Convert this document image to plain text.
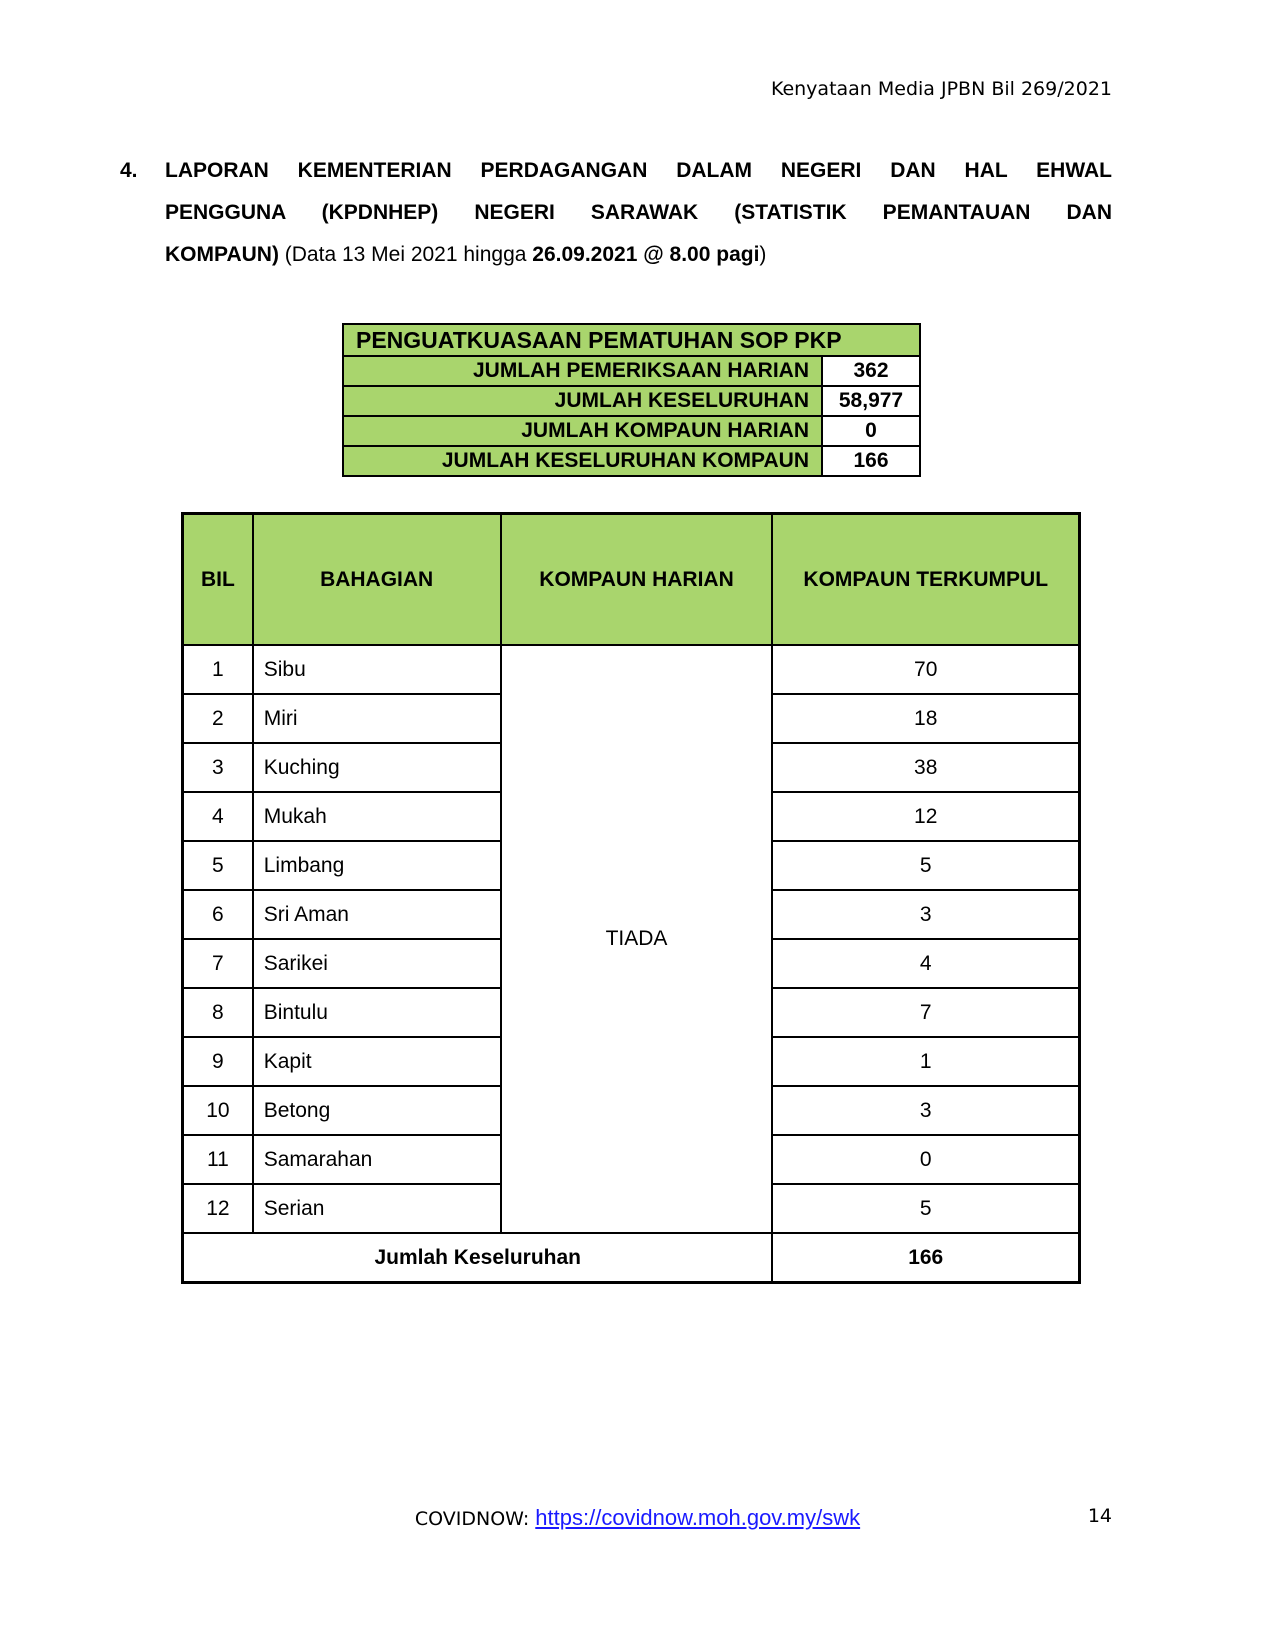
Kenyataan Media JPBN Bil 269/2021
4. LAPORAN KEMENTERIAN PERDAGANGAN DALAM NEGERI DAN HAL EHWAL
PENGGUNA (KPDNHEP) NEGERI SARAWAK (STATISTIK PEMANTAUAN DAN
KOMPAUN) (Data 13 Mei 2021 hingga 26.09.2021 @ 8.00 pagi)
PENGUATKUASAAN PEMATUHAN SOP PKP	
JUMLAH PEMERIKSAAN HARIAN	362
JUMLAH KESELURUHAN	58,977
JUMLAH KOMPAUN HARIAN	0
JUMLAH KESELURUHAN KOMPAUN	166
BIL	BAHAGIAN	KOMPAUN HARIAN	KOMPAUN TERKUMPUL
1	Sibu	TIADA	70
2	Miri		18
3	Kuching		38
4	Mukah		12
5	Limbang		5
6	Sri Aman		3
7	Sarikei		4
8	Bintulu		7
9	Kapit		1
10	Betong		3
11	Samarahan		0
12	Serian		5
Jumlah Keseluruhan			166
COVIDNOW: https://covidnow.moh.gov.my/swk	14
